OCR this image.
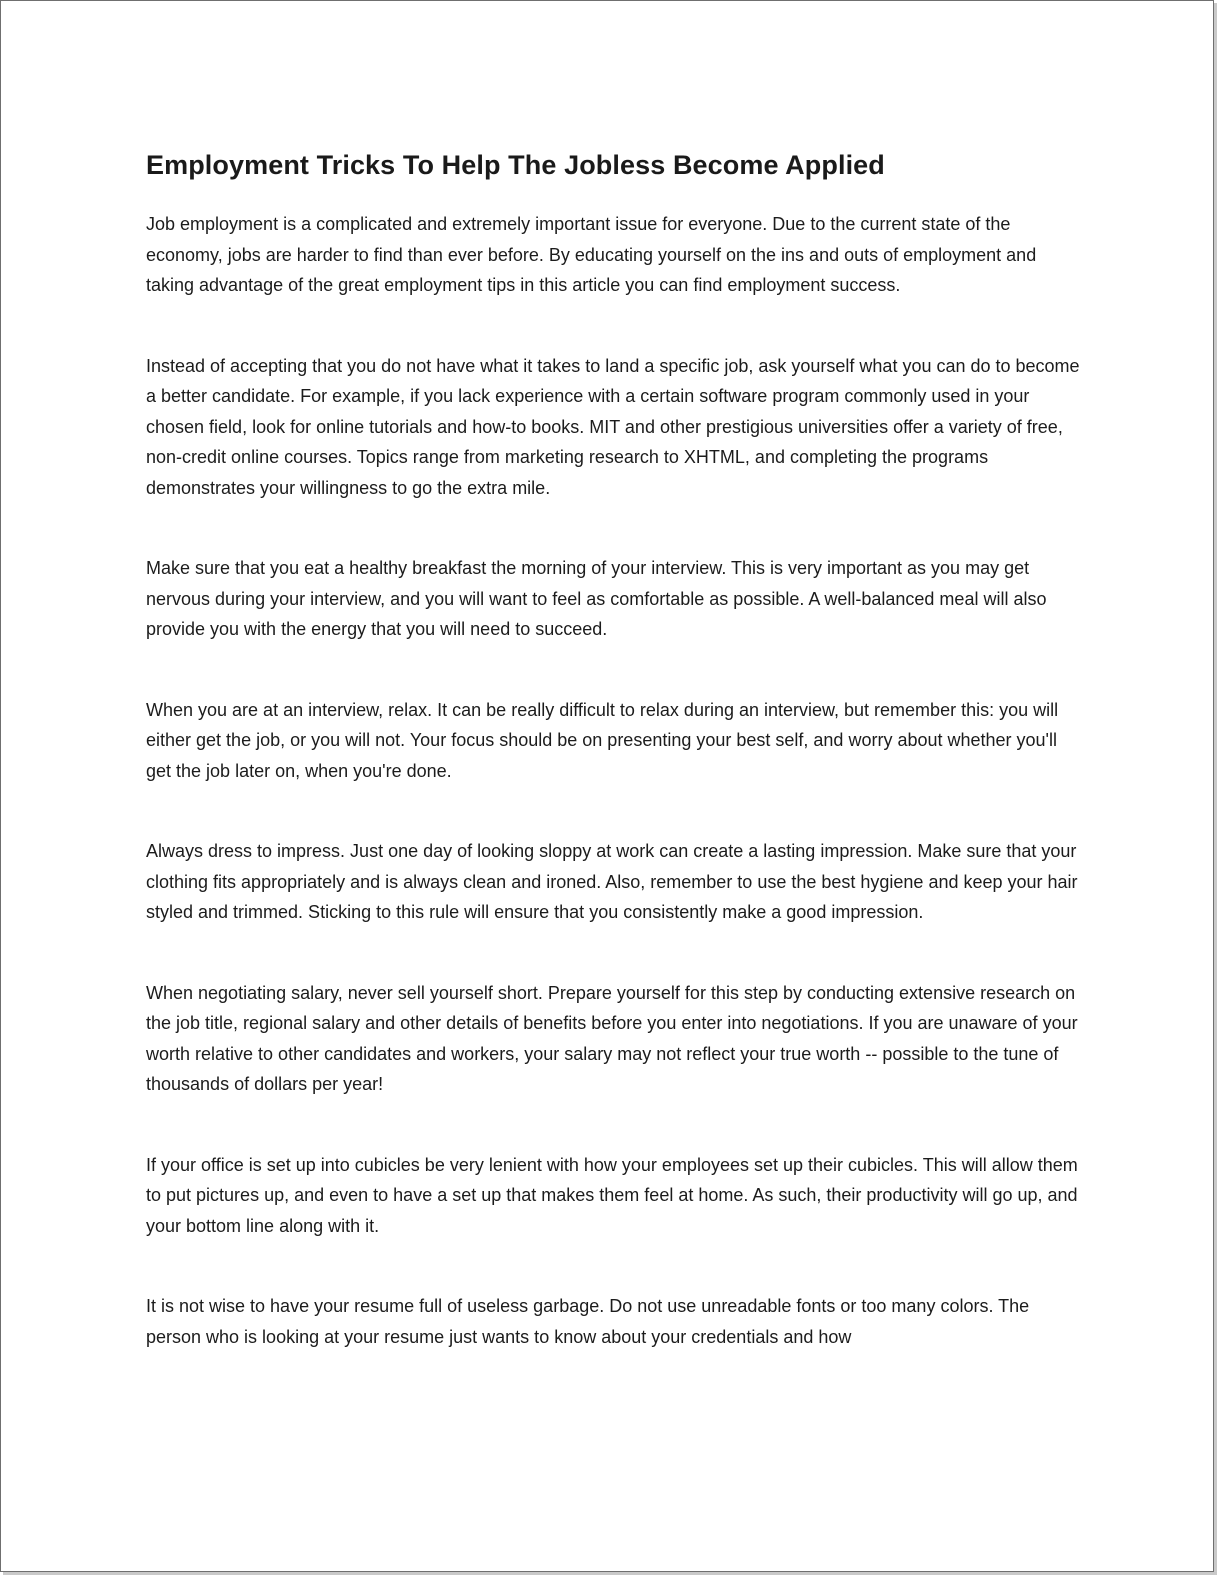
Employment Tricks To Help The Jobless Become Applied

Job employment is a complicated and extremely important issue for everyone. Due to the current state of the economy, jobs are harder to find than ever before. By educating yourself on the ins and outs of employment and taking advantage of the great employment tips in this article you can find employment success.

Instead of accepting that you do not have what it takes to land a specific job, ask yourself what you can do to become a better candidate. For example, if you lack experience with a certain software program commonly used in your chosen field, look for online tutorials and how-to books. MIT and other prestigious universities offer a variety of free, non-credit online courses. Topics range from marketing research to XHTML, and completing the programs demonstrates your willingness to go the extra mile.

Make sure that you eat a healthy breakfast the morning of your interview. This is very important as you may get nervous during your interview, and you will want to feel as comfortable as possible. A well-balanced meal will also provide you with the energy that you will need to succeed.

When you are at an interview, relax. It can be really difficult to relax during an interview, but remember this: you will either get the job, or you will not. Your focus should be on presenting your best self, and worry about whether you'll get the job later on, when you're done.

Always dress to impress. Just one day of looking sloppy at work can create a lasting impression. Make sure that your clothing fits appropriately and is always clean and ironed. Also, remember to use the best hygiene and keep your hair styled and trimmed. Sticking to this rule will ensure that you consistently make a good impression.

When negotiating salary, never sell yourself short. Prepare yourself for this step by conducting extensive research on the job title, regional salary and other details of benefits before you enter into negotiations. If you are unaware of your worth relative to other candidates and workers, your salary may not reflect your true worth -- possible to the tune of thousands of dollars per year!

If your office is set up into cubicles be very lenient with how your employees set up their cubicles. This will allow them to put pictures up, and even to have a set up that makes them feel at home. As such, their productivity will go up, and your bottom line along with it.

It is not wise to have your resume full of useless garbage. Do not use unreadable fonts or too many colors. The person who is looking at your resume just wants to know about your credentials and how
